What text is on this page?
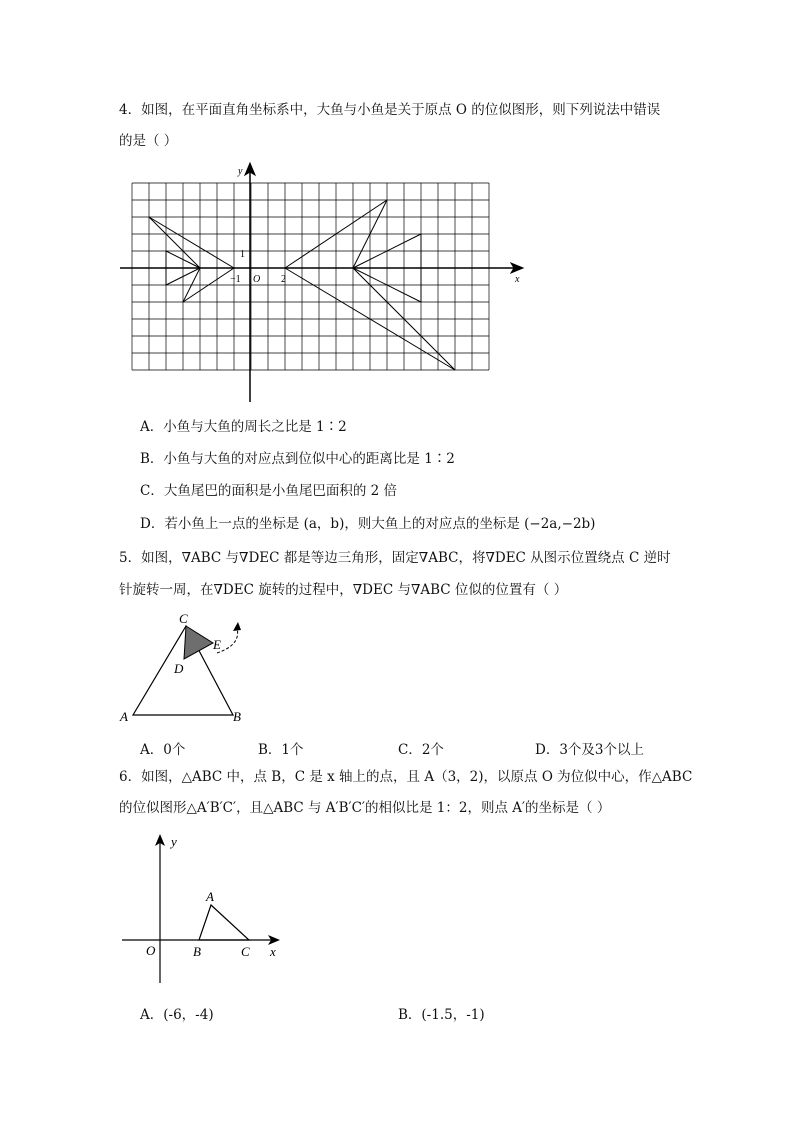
4．如图，在平面直角坐标系中，大鱼与小鱼是关于原点 O 的位似图形，则下列说法中错误
的是（ ）
y
x
O
1
−1	2
A．小鱼与大鱼的周长之比是 1∶2
B．小鱼与大鱼的对应点到位似中心的距离比是 1∶2
C．大鱼尾巴的面积是小鱼尾巴面积的 2 倍
D．若小鱼上一点的坐标是 (a，b)，则大鱼上的对应点的坐标是 (−2a,−2b)
5．如图，∇ABC 与∇DEC 都是等边三角形，固定∇ABC，将∇DEC 从图示位置绕点 C 逆时
针旋转一周，在∇DEC 旋转的过程中，∇DEC 与∇ABC 位似的位置有（ ）
C
E
D
A	B
A．0个	B．1个	C．2个	D．3个及3个以上
6．如图，△ABC 中，点 B，C 是 x 轴上的点，且 A（3，2)，以原点 O 为位似中心，作△ABC
的位似图形△A′B′C′，且△ABC 与 A′B′C′的相似比是 1：2，则点 A′的坐标是（ ）
y
x
O
A
B	C
A．(-6，-4)	B．(-1.5，-1)
